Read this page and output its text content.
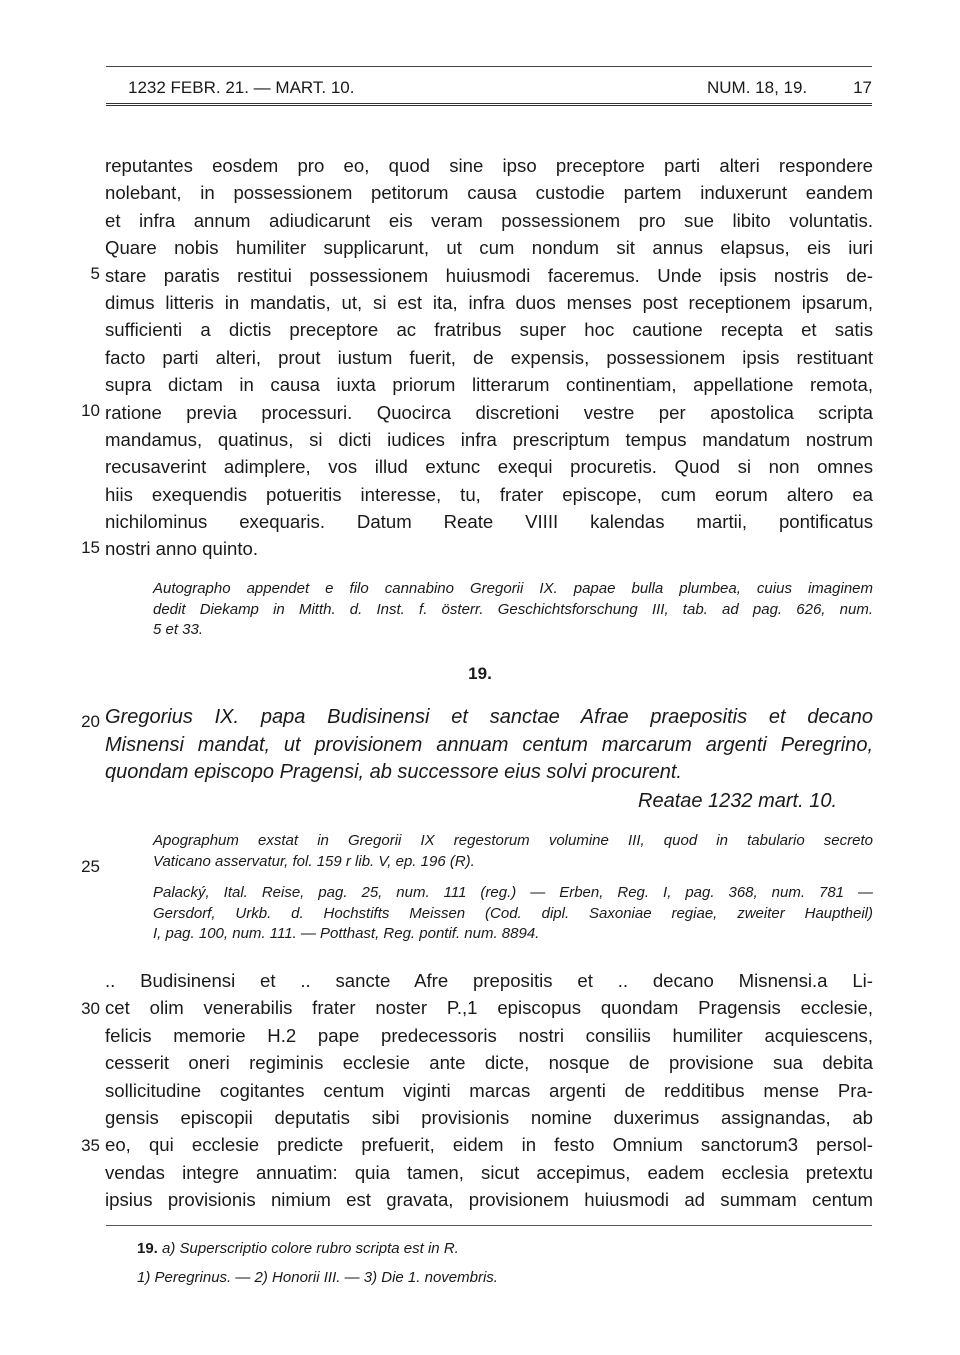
1232 FEBR. 21. — MART. 10.	NUM. 18, 19.	17
reputantes eosdem pro eo, quod sine ipso preceptore parti alteri respondere
nolebant, in possessionem petitorum causa custodie partem induxerunt eandem
et infra annum adiudicarunt eis veram possessionem pro sue libito voluntatis.
Quare nobis humiliter supplicarunt, ut cum nondum sit annus elapsus, eis iuri
stare paratis restitui possessionem huiusmodi faceremus. Unde ipsis nostris de-
dimus litteris in mandatis, ut, si est ita, infra duos menses post receptionem ipsarum,
sufficienti a dictis preceptore ac fratribus super hoc cautione recepta et satis
facto parti alteri, prout iustum fuerit, de expensis, possessionem ipsis restituant
supra dictam in causa iuxta priorum litterarum continentiam, appellatione remota,
ratione previa processuri. Quocirca discretioni vestre per apostolica scripta
mandamus, quatinus, si dicti iudices infra prescriptum tempus mandatum nostrum
recusaverint adimplere, vos illud extunc exequi procuretis. Quod si non omnes
hiis exequendis potueritis interesse, tu, frater episcope, cum eorum altero ea
nichilominus exequaris. Datum Reate VIIII kalendas martii, pontificatus
nostri anno quinto.
5
10
15
Autographo appendet e filo cannabino Gregorii IX. papae bulla plumbea, cuius imaginem
dedit Diekamp in Mitth. d. Inst. f. österr. Geschichtsforschung III, tab. ad pag. 626, num.
5 et 33.
19.
20 Gregorius IX. papa Budisinensi et sanctae Afrae praepositis et decano
Misnensi mandat, ut provisionem annuam centum marcarum argenti Peregrino,
quondam episcopo Pragensi, ab successore eius solvi procurent.
Reatae 1232 mart. 10.
Apographum exstat in Gregorii IX regestorum volumine III, quod in tabulario secreto
Vaticano asservatur, fol. 159 r lib. V, ep. 196 (R).
25
Palacký, Ital. Reise, pag. 25, num. 111 (reg.) — Erben, Reg. I, pag. 368, num. 781 —
Gersdorf, Urkb. d. Hochstifts Meissen (Cod. dipl. Saxoniae regiae, zweiter Hauptheil)
I, pag. 100, num. 111. — Potthast, Reg. pontif. num. 8894.
.. Budisinensi et .. sancte Afre prepositis et .. decano Misnensi.a Li-
cet olim venerabilis frater noster P.,1 episcopus quondam Pragensis ecclesie,
felicis memorie H.2 pape predecessoris nostri consiliis humiliter acquiescens,
cesserit oneri regiminis ecclesie ante dicte, nosque de provisione sua debita
sollicitudine cogitantes centum viginti marcas argenti de redditibus mense Pra-
gensis episcopii deputatis sibi provisionis nomine duxerimus assignandas, ab
eo, qui ecclesie predicte prefuerit, eidem in festo Omnium sanctorum3 persol-
vendas integre annuatim: quia tamen, sicut accepimus, eadem ecclesia pretextu
ipsius provisionis nimium est gravata, provisionem huiusmodi ad summam centum
30
35
19. a) Superscriptio colore rubro scripta est in R.
1) Peregrinus. — 2) Honorii III. — 3) Die 1. novembris.
